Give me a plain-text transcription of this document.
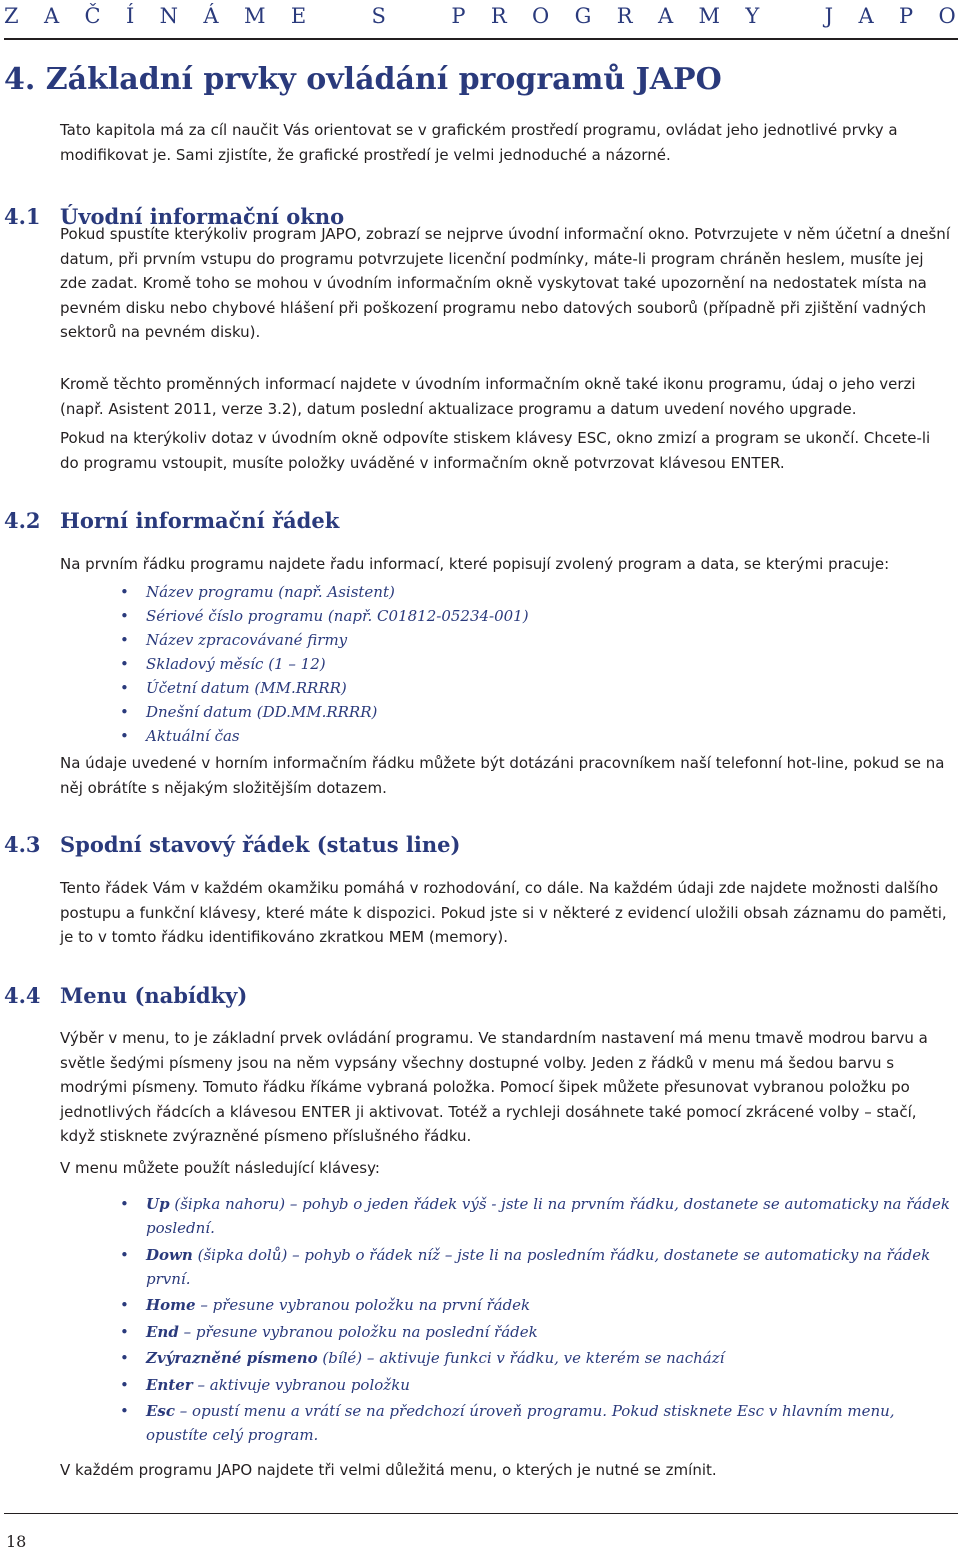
Z A Č Í N Á M E	S	P R O G R A M Y	J A P O
4. Základní prvky ovládání programů JAPO

Tato kapitola má za cíl naučit Vás orientovat se v grafickém prostředí programu, ovládat jeho jednotlivé prvky a modifikovat je. Sami zjistíte, že grafické prostředí je velmi jednoduché a názorné.

4.1 Úvodní informační okno

Pokud spustíte kterýkoliv program JAPO, zobrazí se nejprve úvodní informační okno. Potvrzujete v něm účetní a dnešní datum, při prvním vstupu do programu potvrzujete licenční podmínky, máte-li program chráněn heslem, musíte jej zde zadat. Kromě toho se mohou v úvodním informačním okně vyskytovat také upozornění na nedostatek místa na pevném disku nebo chybové hlášení při poškození programu nebo datových souborů (případně při zjištění vadných sektorů na pevném disku).

Kromě těchto proměnných informací najdete v úvodním informačním okně také ikonu programu, údaj o jeho verzi (např. Asistent 2011, verze 3.2), datum poslední aktualizace programu a datum uvedení nového upgrade.

Pokud na kterýkoliv dotaz v úvodním okně odpovíte stiskem klávesy ESC, okno zmizí a program se ukončí. Chcete-li do programu vstoupit, musíte položky uváděné v informačním okně potvrzovat klávesou ENTER.

4.2 Horní informační řádek

Na prvním řádku programu najdete řadu informací, které popisují zvolený program a data, se kterými pracuje:

• Název programu (např. Asistent)
• Sériové číslo programu (např. C01812-05234-001)
• Název zpracovávané firmy
• Skladový měsíc (1 – 12)
• Účetní datum (MM.RRRR)
• Dnešní datum (DD.MM.RRRR)
• Aktuální čas

Na údaje uvedené v horním informačním řádku můžete být dotázáni pracovníkem naší telefonní hot-line, pokud se na něj obrátíte s nějakým složitějším dotazem.

4.3 Spodní stavový řádek (status line)

Tento řádek Vám v každém okamžiku pomáhá v rozhodování, co dále. Na každém údaji zde najdete možnosti dalšího postupu a funkční klávesy, které máte k dispozici. Pokud jste si v některé z evidencí uložili obsah záznamu do paměti, je to v tomto řádku identifikováno zkratkou MEM (memory).

4.4 Menu (nabídky)

Výběr v menu, to je základní prvek ovládání programu. Ve standardním nastavení má menu tmavě modrou barvu a světle šedými písmeny jsou na něm vypsány všechny dostupné volby. Jeden z řádků v menu má šedou barvu s modrými písmeny. Tomuto řádku říkáme vybraná položka. Pomocí šipek můžete přesunovat vybranou položku po jednotlivých řádcích a klávesou ENTER ji aktivovat. Totéž a rychleji dosáhnete také pomocí zkrácené volby – stačí, když stisknete zvýrazněné písmeno příslušného řádku.

V menu můžete použít následující klávesy:

• Up (šipka nahoru) – pohyb o jeden řádek výš - jste li na prvním řádku, dostanete se automaticky na řádek poslední.
• Down (šipka dolů) – pohyb o řádek níž – jste li na posledním řádku, dostanete se automaticky na řádek první.
• Home – přesune vybranou položku na první řádek
• End – přesune vybranou položku na poslední řádek
• Zvýrazněné písmeno (bílé) – aktivuje funkci v řádku, ve kterém se nachází
• Enter – aktivuje vybranou položku
• Esc – opustí menu a vrátí se na předchozí úroveň programu. Pokud stisknete Esc v hlavním menu, opustíte celý program.

V každém programu JAPO najdete tři velmi důležitá menu, o kterých je nutné se zmínit.

18
